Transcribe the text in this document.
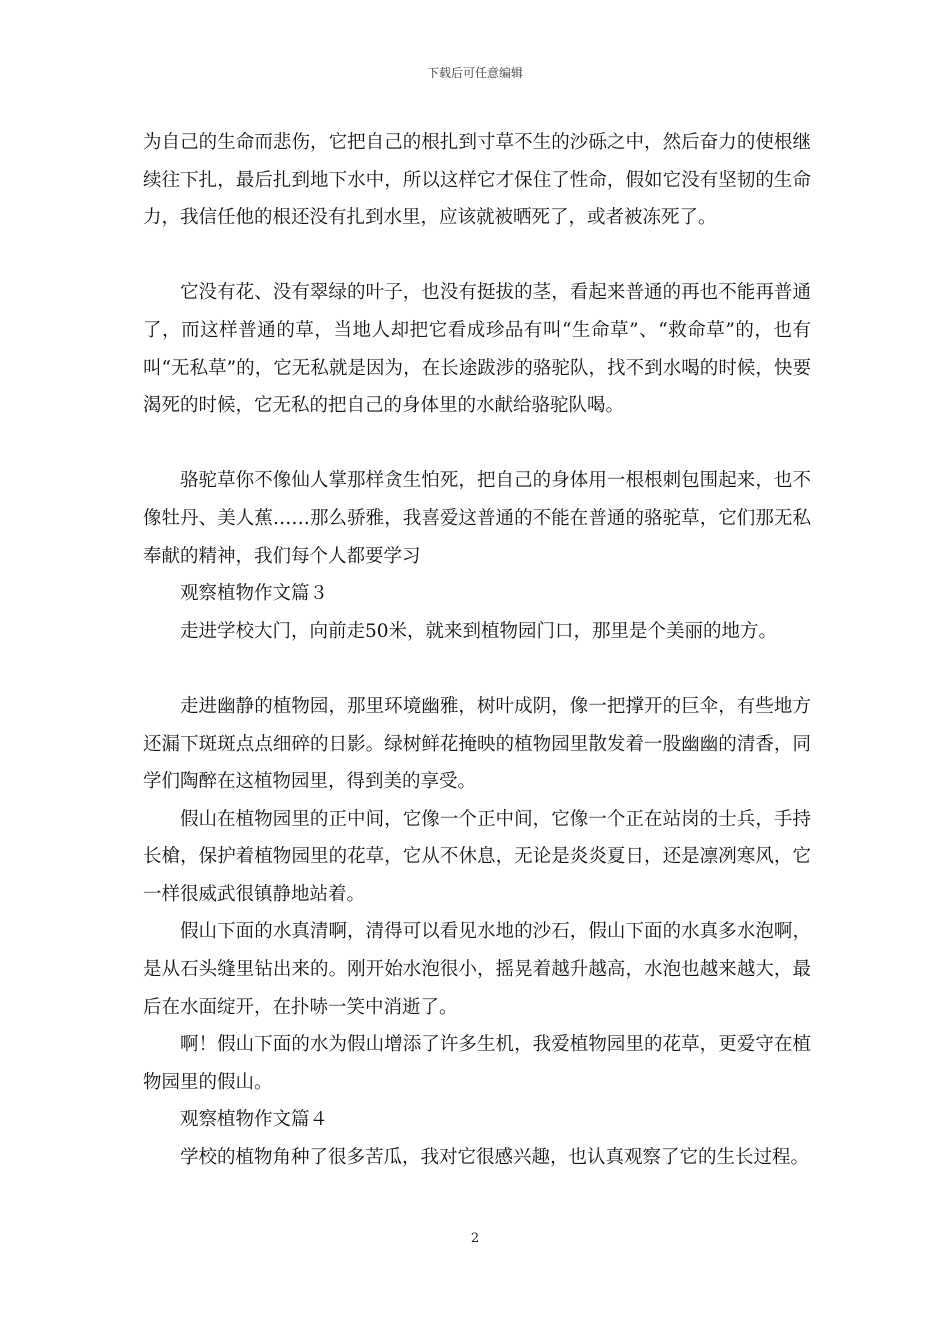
下载后可任意编辑

为自己的生命而悲伤，它把自己的根扎到寸草不生的沙砾之中，然后奋力的使根继续往下扎，最后扎到地下水中，所以这样它才保住了性命，假如它没有坚韧的生命力，我信任他的根还没有扎到水里，应该就被晒死了，或者被冻死了。

它没有花、没有翠绿的叶子，也没有挺拔的茎，看起来普通的再也不能再普通了，而这样普通的草，当地人却把它看成珍品有叫“生命草”、“救命草”的，也有叫“无私草”的，它无私就是因为，在长途跋涉的骆驼队，找不到水喝的时候，快要渴死的时候，它无私的把自己的身体里的水献给骆驼队喝。

骆驼草你不像仙人掌那样贪生怕死，把自己的身体用一根根刺包围起来，也不像牡丹、美人蕉……那么骄雅，我喜爱这普通的不能在普通的骆驼草，它们那无私奉献的精神，我们每个人都要学习

观察植物作文篇３

走进学校大门，向前走50米，就来到植物园门口，那里是个美丽的地方。

走进幽静的植物园，那里环境幽雅，树叶成阴，像一把撑开的巨伞，有些地方还漏下斑斑点点细碎的日影。绿树鲜花掩映的植物园里散发着一股幽幽的清香，同学们陶醉在这植物园里，得到美的享受。

假山在植物园里的正中间，它像一个正中间，它像一个正在站岗的士兵，手持长槍，保护着植物园里的花草，它从不休息，无论是炎炎夏日，还是凛冽寒风，它一样很威武很镇静地站着。

假山下面的水真清啊，清得可以看见水地的沙石，假山下面的水真多水泡啊，是从石头缝里钻出来的。刚开始水泡很小，摇晃着越升越高，水泡也越来越大，最后在水面绽开，在扑哧一笑中消逝了。

啊！假山下面的水为假山增添了许多生机，我爱植物园里的花草，更爱守在植物园里的假山。

观察植物作文篇４

学校的植物角种了很多苦瓜，我对它很感兴趣，也认真观察了它的生长过程。

2
